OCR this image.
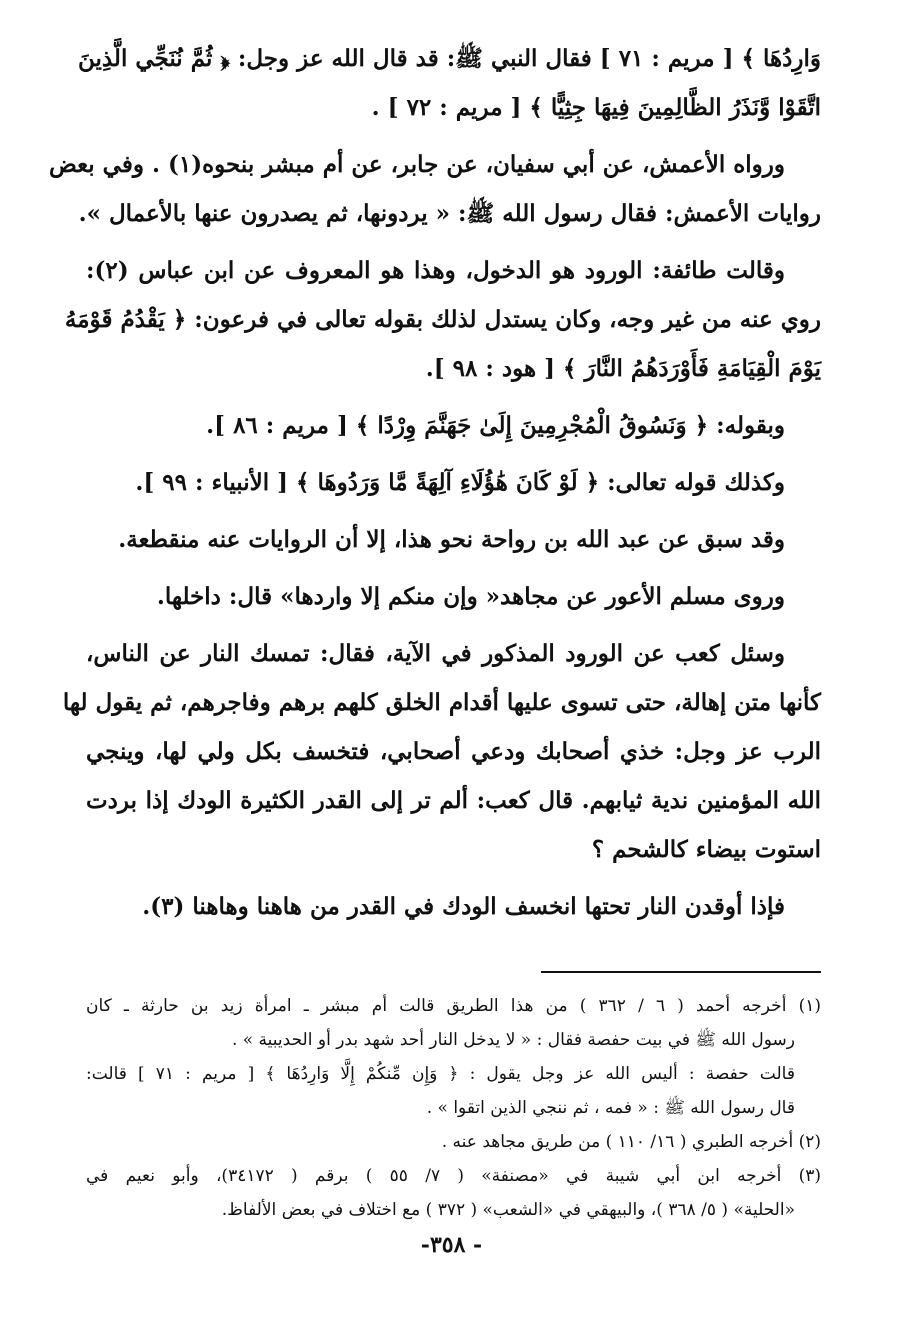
وَارِدُهَا ﴾ [ مريم : ٧١ ] فقال النبي ﷺ: قد قال الله عز وجل: ﴿ ثُمَّ نُنَجِّي الَّذِينَ
اتَّقَوْا وَّنَذَرُ الظَّالِمِينَ فِيهَا جِثِيًّا ﴾ [ مريم : ٧٢ ] .
ورواه الأعمش، عن أبي سفيان، عن جابر، عن أم مبشر بنحوه(١) . وفي بعض
روايات الأعمش: فقال رسول الله ﷺ: « يردونها، ثم يصدرون عنها بالأعمال ».
وقالت طائفة: الورود هو الدخول، وهذا هو المعروف عن ابن عباس (٢):
روي عنه من غير وجه، وكان يستدل لذلك بقوله تعالى في فرعون: ﴿ يَقْدُمُ قَوْمَهُ
يَوْمَ الْقِيَامَةِ فَأَوْرَدَهُمُ النَّارَ ﴾ [ هود : ٩٨ ].
وبقوله: ﴿ وَنَسُوقُ الْمُجْرِمِينَ إِلَىٰ جَهَنَّمَ وِرْدًا ﴾ [ مريم : ٨٦ ].
وكذلك قوله تعالى: ﴿ لَوْ كَانَ هَٰؤُلَاءِ آلِهَةً مَّا وَرَدُوهَا ﴾ [ الأنبياء : ٩٩ ].
وقد سبق عن عبد الله بن رواحة نحو هذا، إلا أن الروايات عنه منقطعة.
وروى مسلم الأعور عن مجاهد« وإن منكم إلا واردها» قال: داخلها.
وسئل كعب عن الورود المذكور في الآية، فقال: تمسك النار عن الناس،
كأنها متن إهالة، حتى تسوى عليها أقدام الخلق كلهم برهم وفاجرهم، ثم يقول لها
الرب عز وجل: خذي أصحابك ودعي أصحابي، فتخسف بكل ولي لها، وينجي
الله المؤمنين ندية ثيابهم. قال كعب: ألم تر إلى القدر الكثيرة الودك إذا بردت
استوت بيضاء كالشحم ؟
فإذا أوقدن النار تحتها انخسف الودك في القدر من هاهنا وهاهنا (٣).
(١) أخرجه أحمد ( ٦ / ٣٦٢ ) من هذا الطريق قالت أم مبشر ـ امرأة زيد بن حارثة ـ كان
رسول الله ﷺ في بيت حفصة فقال : « لا يدخل النار أحد شهد بدر أو الحديبية » .
قالت حفصة : أليس الله عز وجل يقول : ﴿ وَإِن مِّنكُمْ إِلَّا وَارِدُهَا ﴾ [ مريم : ٧١ ] قالت:
قال رسول الله ﷺ : « فمه ، ثم ننجي الذين اتقوا » .
(٢) أخرجه الطبري ( ١٦/ ١١٠ ) من طريق مجاهد عنه .
(٣) أخرجه ابن أبي شيبة في «مصنفة» ( ٧/ ٥٥ ) برقم ( ٣٤١٧٢)، وأبو نعيم في
«الحلية» ( ٥/ ٣٦٨ )، والبيهقي في «الشعب» ( ٣٧٢ ) مع اختلاف في بعض الألفاظ.
- ٣٥٨-
